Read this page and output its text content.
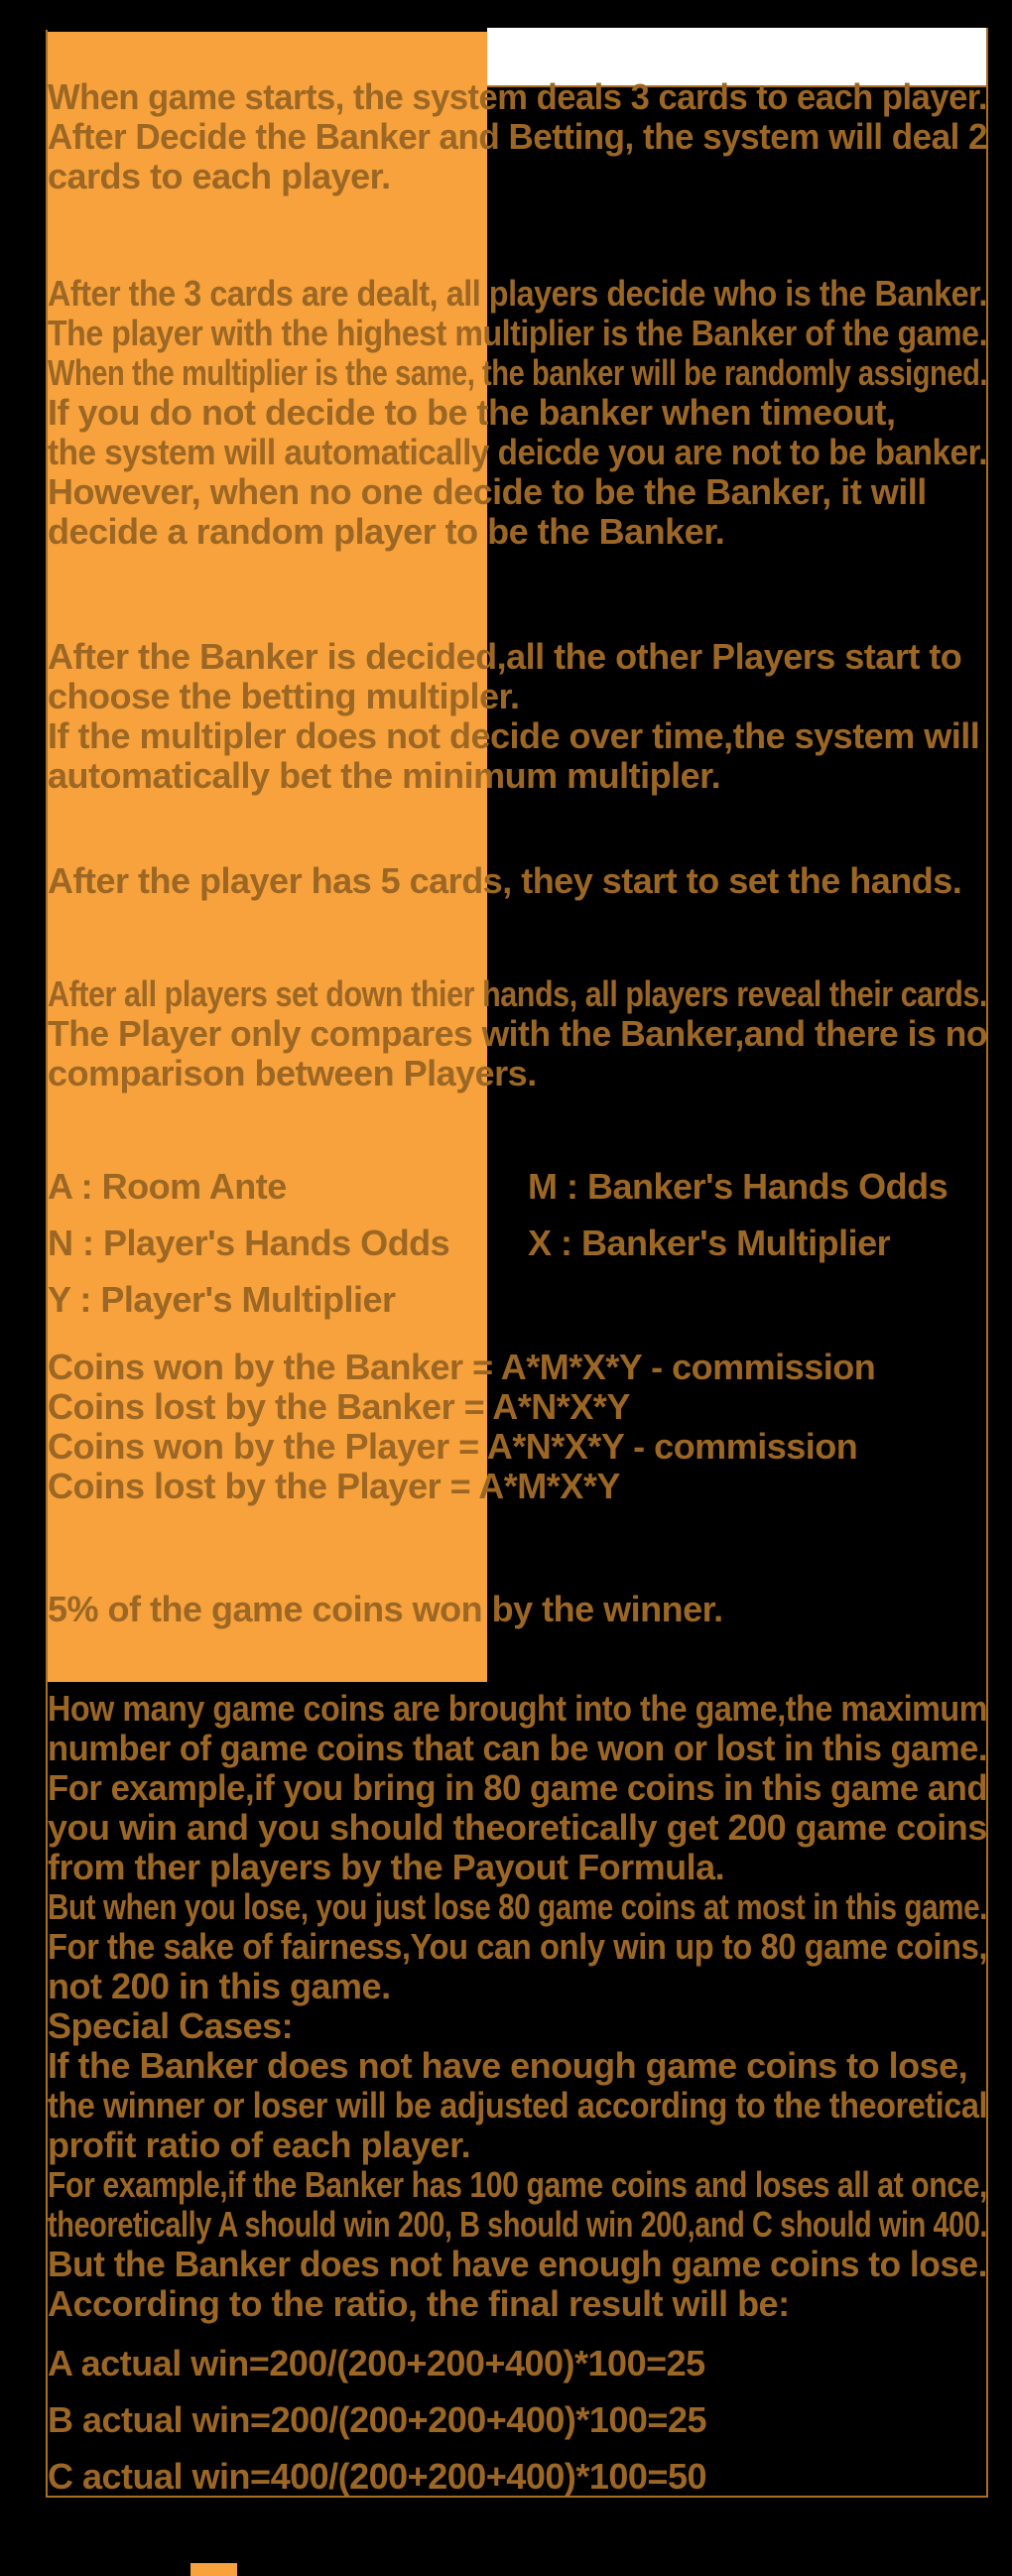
When game starts, the system deals 3 cards to each player.
After Decide the Banker and Betting, the system will deal 2
cards to each player.
After the 3 cards are dealt, all players decide who is the Banker.
The player with the highest multiplier is the Banker of the game.
When the multiplier is the same, the banker will be randomly assigned.
If you do not decide to be the banker when timeout,
the system will automatically deicde you are not to be banker.
However, when no one decide to be the Banker, it will
decide a random player to be the Banker.
After the Banker is decided,all the other Players start to
choose the betting multipler.
If the multipler does not decide over time,the system will
automatically bet the minimum multipler.
After the player has 5 cards, they start to set the hands.
After all players set down thier hands, all players reveal their cards.
The Player only compares with the Banker,and there is no
comparison between Players.
A : Room Ante
N : Player's Hands Odds
Y : Player's Multiplier
M : Banker's Hands Odds
X : Banker's Multiplier
Coins won by the Banker = A*M*X*Y - commission
Coins lost by the Banker = A*N*X*Y
Coins won by the Player = A*N*X*Y - commission
Coins lost by the Player = A*M*X*Y
5% of the game coins won by the winner.
How many game coins are brought into the game,the maximum
number of game coins that can be won or lost in this game.
For example,if you bring in 80 game coins in this game and
you win and you should theoretically get 200 game coins
from ther players by the Payout Formula.
But when you lose, you just lose 80 game coins at most in this game.
For the sake of fairness,You can only win up to 80 game coins,
not 200 in this game.
Special Cases:
If the Banker does not have enough game coins to lose,
the winner or loser will be adjusted according to the theoretical
profit ratio of each player.
For example,if the Banker has 100 game coins and loses all at once,
theoretically A should win 200, B should win 200,and C should win 400.
But the Banker does not have enough game coins to lose.
According to the ratio, the final result will be:
A actual win=200/(200+200+400)*100=25
B actual win=200/(200+200+400)*100=25
C actual win=400/(200+200+400)*100=50
